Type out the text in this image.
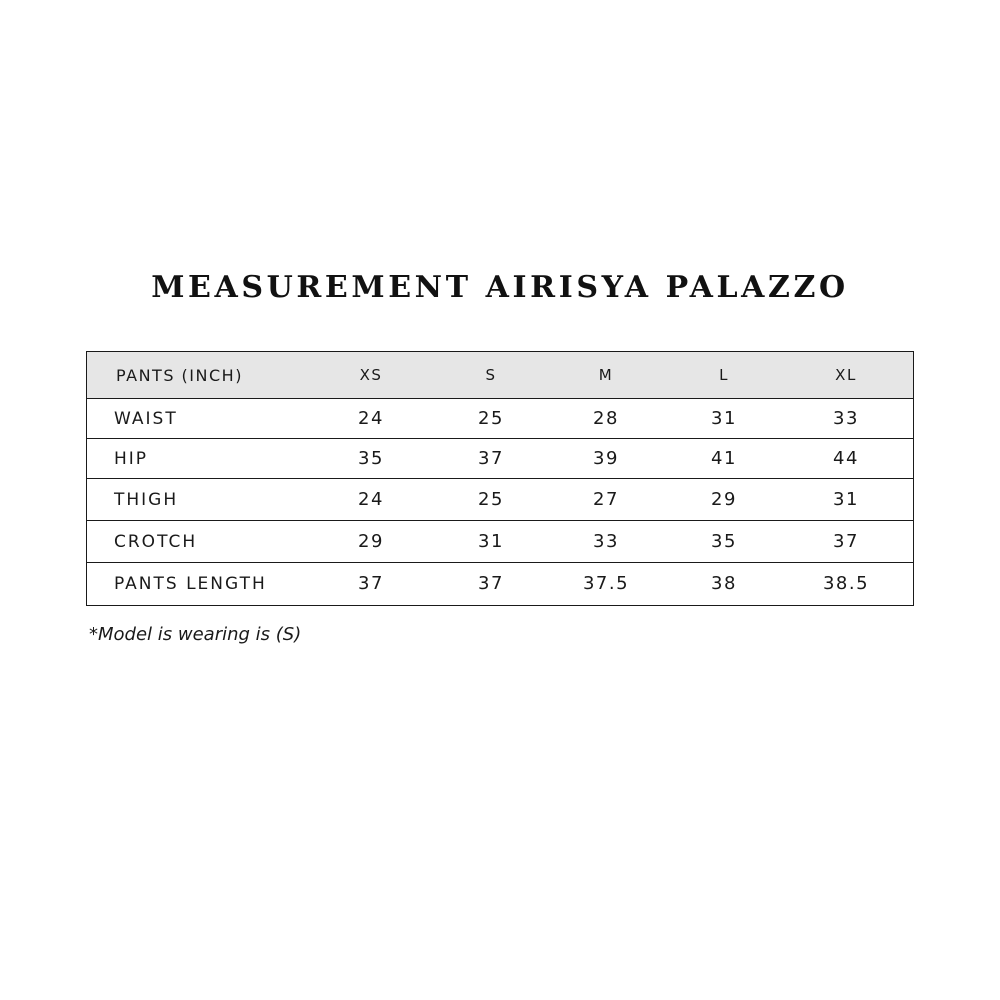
MEASUREMENT AIRISYA PALAZZO
PANTS (INCH)	XS	S	M	L	XL
WAIST	24	25	28	31	33
HIP	35	37	39	41	44
THIGH	24	25	27	29	31
CROTCH	29	31	33	35	37
PANTS LENGTH	37	37	37.5	38	38.5
*Model is wearing is (S)
